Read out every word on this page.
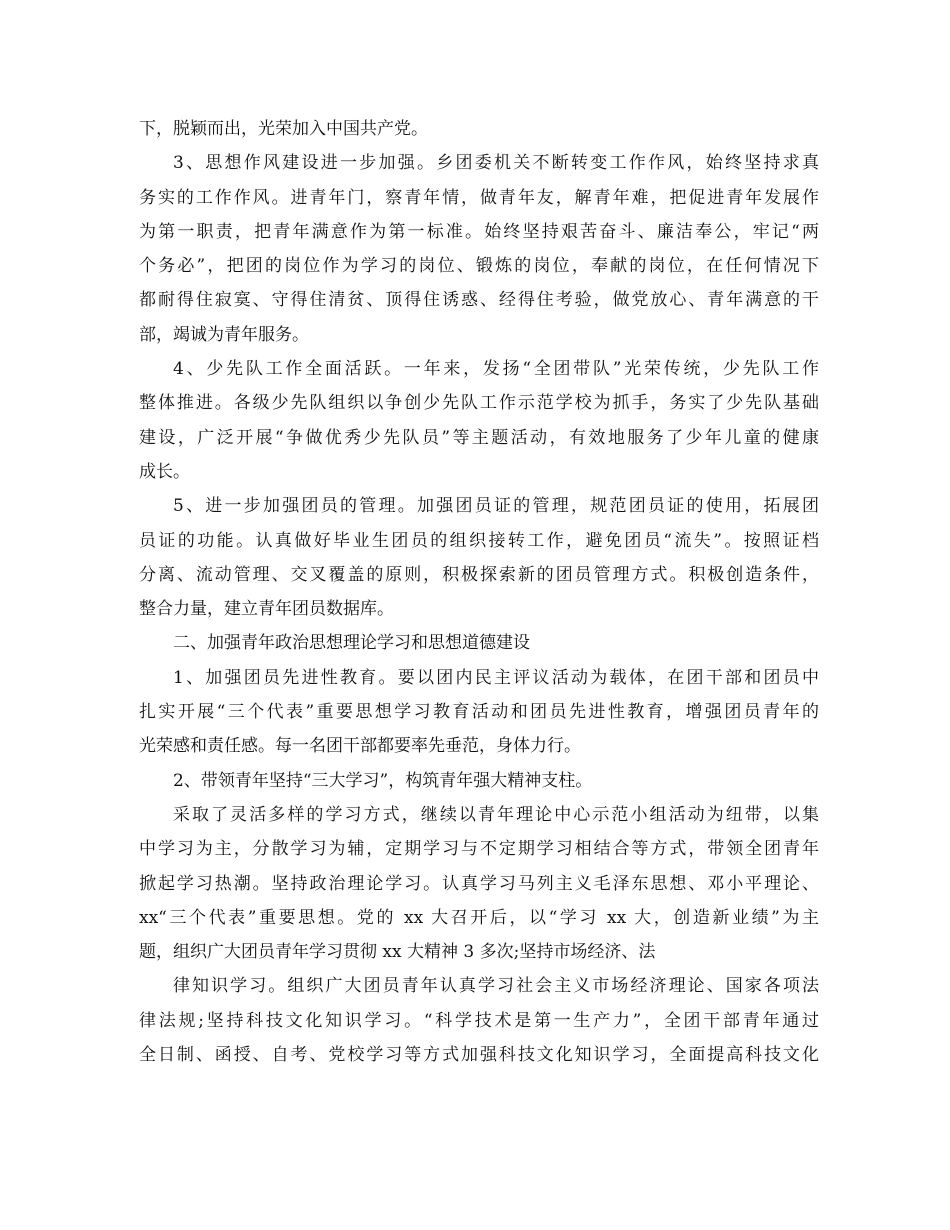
下，脱颖而出，光荣加入中国共产党。
3、思想作风建设进一步加强。乡团委机关不断转变工作作风，始终坚持求真
务实的工作作风。进青年门，察青年情，做青年友，解青年难，把促进青年发展作
为第一职责，把青年满意作为第一标准。始终坚持艰苦奋斗、廉洁奉公，牢记“两
个务必”，把团的岗位作为学习的岗位、锻炼的岗位，奉献的岗位，在任何情况下
都耐得住寂寞、守得住清贫、顶得住诱惑、经得住考验，做党放心、青年满意的干
部，竭诚为青年服务。
4、少先队工作全面活跃。一年来，发扬“全团带队”光荣传统，少先队工作
整体推进。各级少先队组织以争创少先队工作示范学校为抓手，务实了少先队基础
建设，广泛开展“争做优秀少先队员”等主题活动，有效地服务了少年儿童的健康
成长。
5、进一步加强团员的管理。加强团员证的管理，规范团员证的使用，拓展团
员证的功能。认真做好毕业生团员的组织接转工作，避免团员“流失”。按照证档
分离、流动管理、交叉覆盖的原则，积极探索新的团员管理方式。积极创造条件，
整合力量，建立青年团员数据库。
二、加强青年政治思想理论学习和思想道德建设
1、加强团员先进性教育。要以团内民主评议活动为载体，在团干部和团员中
扎实开展“三个代表”重要思想学习教育活动和团员先进性教育，增强团员青年的
光荣感和责任感。每一名团干部都要率先垂范，身体力行。
2、带领青年坚持“三大学习”，构筑青年强大精神支柱。
采取了灵活多样的学习方式，继续以青年理论中心示范小组活动为纽带，以集
中学习为主，分散学习为辅，定期学习与不定期学习相结合等方式，带领全团青年
掀起学习热潮。坚持政治理论学习。认真学习马列主义毛泽东思想、邓小平理论、
xx“三个代表”重要思想。党的 xx 大召开后，以“学习 xx 大，创造新业绩”为主
题，组织广大团员青年学习贯彻 xx 大精神 3 多次;坚持市场经济、法
律知识学习。组织广大团员青年认真学习社会主义市场经济理论、国家各项法
律法规;坚持科技文化知识学习。“科学技术是第一生产力”，全团干部青年通过
全日制、函授、自考、党校学习等方式加强科技文化知识学习，全面提高科技文化
